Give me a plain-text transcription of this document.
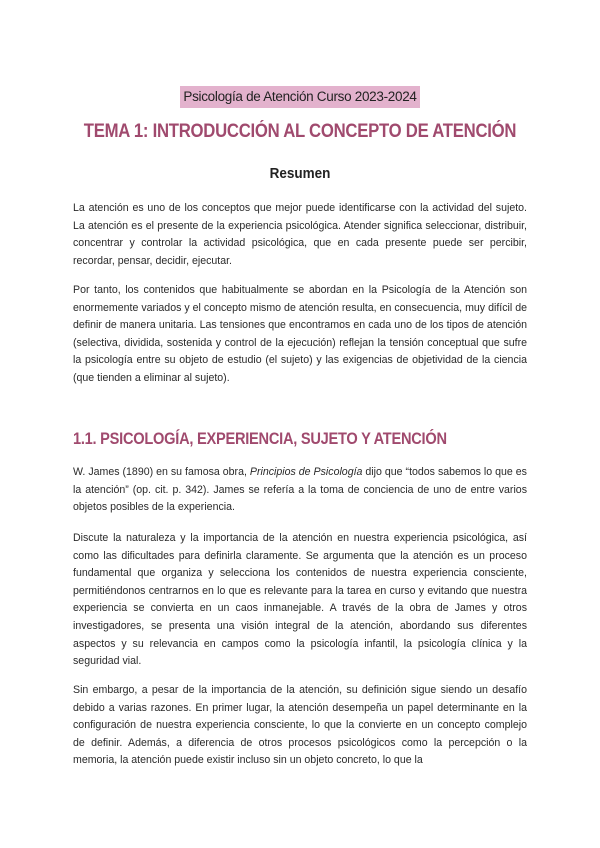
Psicología de Atención Curso 2023-2024
TEMA 1: INTRODUCCIÓN AL CONCEPTO DE ATENCIÓN
Resumen

La atención es uno de los conceptos que mejor puede identificarse con la actividad del sujeto. La atención es el presente de la experiencia psicológica. Atender significa seleccionar, distribuir, concentrar y controlar la actividad psicológica, que en cada presente puede ser percibir, recordar, pensar, decidir, ejecutar.

Por tanto, los contenidos que habitualmente se abordan en la Psicología de la Atención son enormemente variados y el concepto mismo de atención resulta, en consecuencia, muy difícil de definir de manera unitaria. Las tensiones que encontramos en cada uno de los tipos de atención (selectiva, dividida, sostenida y control de la ejecución) reflejan la tensión conceptual que sufre la psicología entre su objeto de estudio (el sujeto) y las exigencias de objetividad de la ciencia (que tienden a eliminar al sujeto).

1.1. PSICOLOGÍA, EXPERIENCIA, SUJETO Y ATENCIÓN

W. James (1890) en su famosa obra, Principios de Psicología dijo que “todos sabemos lo que es la atención” (op. cit. p. 342). James se refería a la toma de conciencia de uno de entre varios objetos posibles de la experiencia.

Discute la naturaleza y la importancia de la atención en nuestra experiencia psicológica, así como las dificultades para definirla claramente. Se argumenta que la atención es un proceso fundamental que organiza y selecciona los contenidos de nuestra experiencia consciente, permitiéndonos centrarnos en lo que es relevante para la tarea en curso y evitando que nuestra experiencia se convierta en un caos inmanejable. A través de la obra de James y otros investigadores, se presenta una visión integral de la atención, abordando sus diferentes aspectos y su relevancia en campos como la psicología infantil, la psicología clínica y la seguridad vial.

Sin embargo, a pesar de la importancia de la atención, su definición sigue siendo un desafío debido a varias razones. En primer lugar, la atención desempeña un papel determinante en la configuración de nuestra experiencia consciente, lo que la convierte en un concepto complejo de definir. Además, a diferencia de otros procesos psicológicos como la percepción o la memoria, la atención puede existir incluso sin un objeto concreto, lo que la
